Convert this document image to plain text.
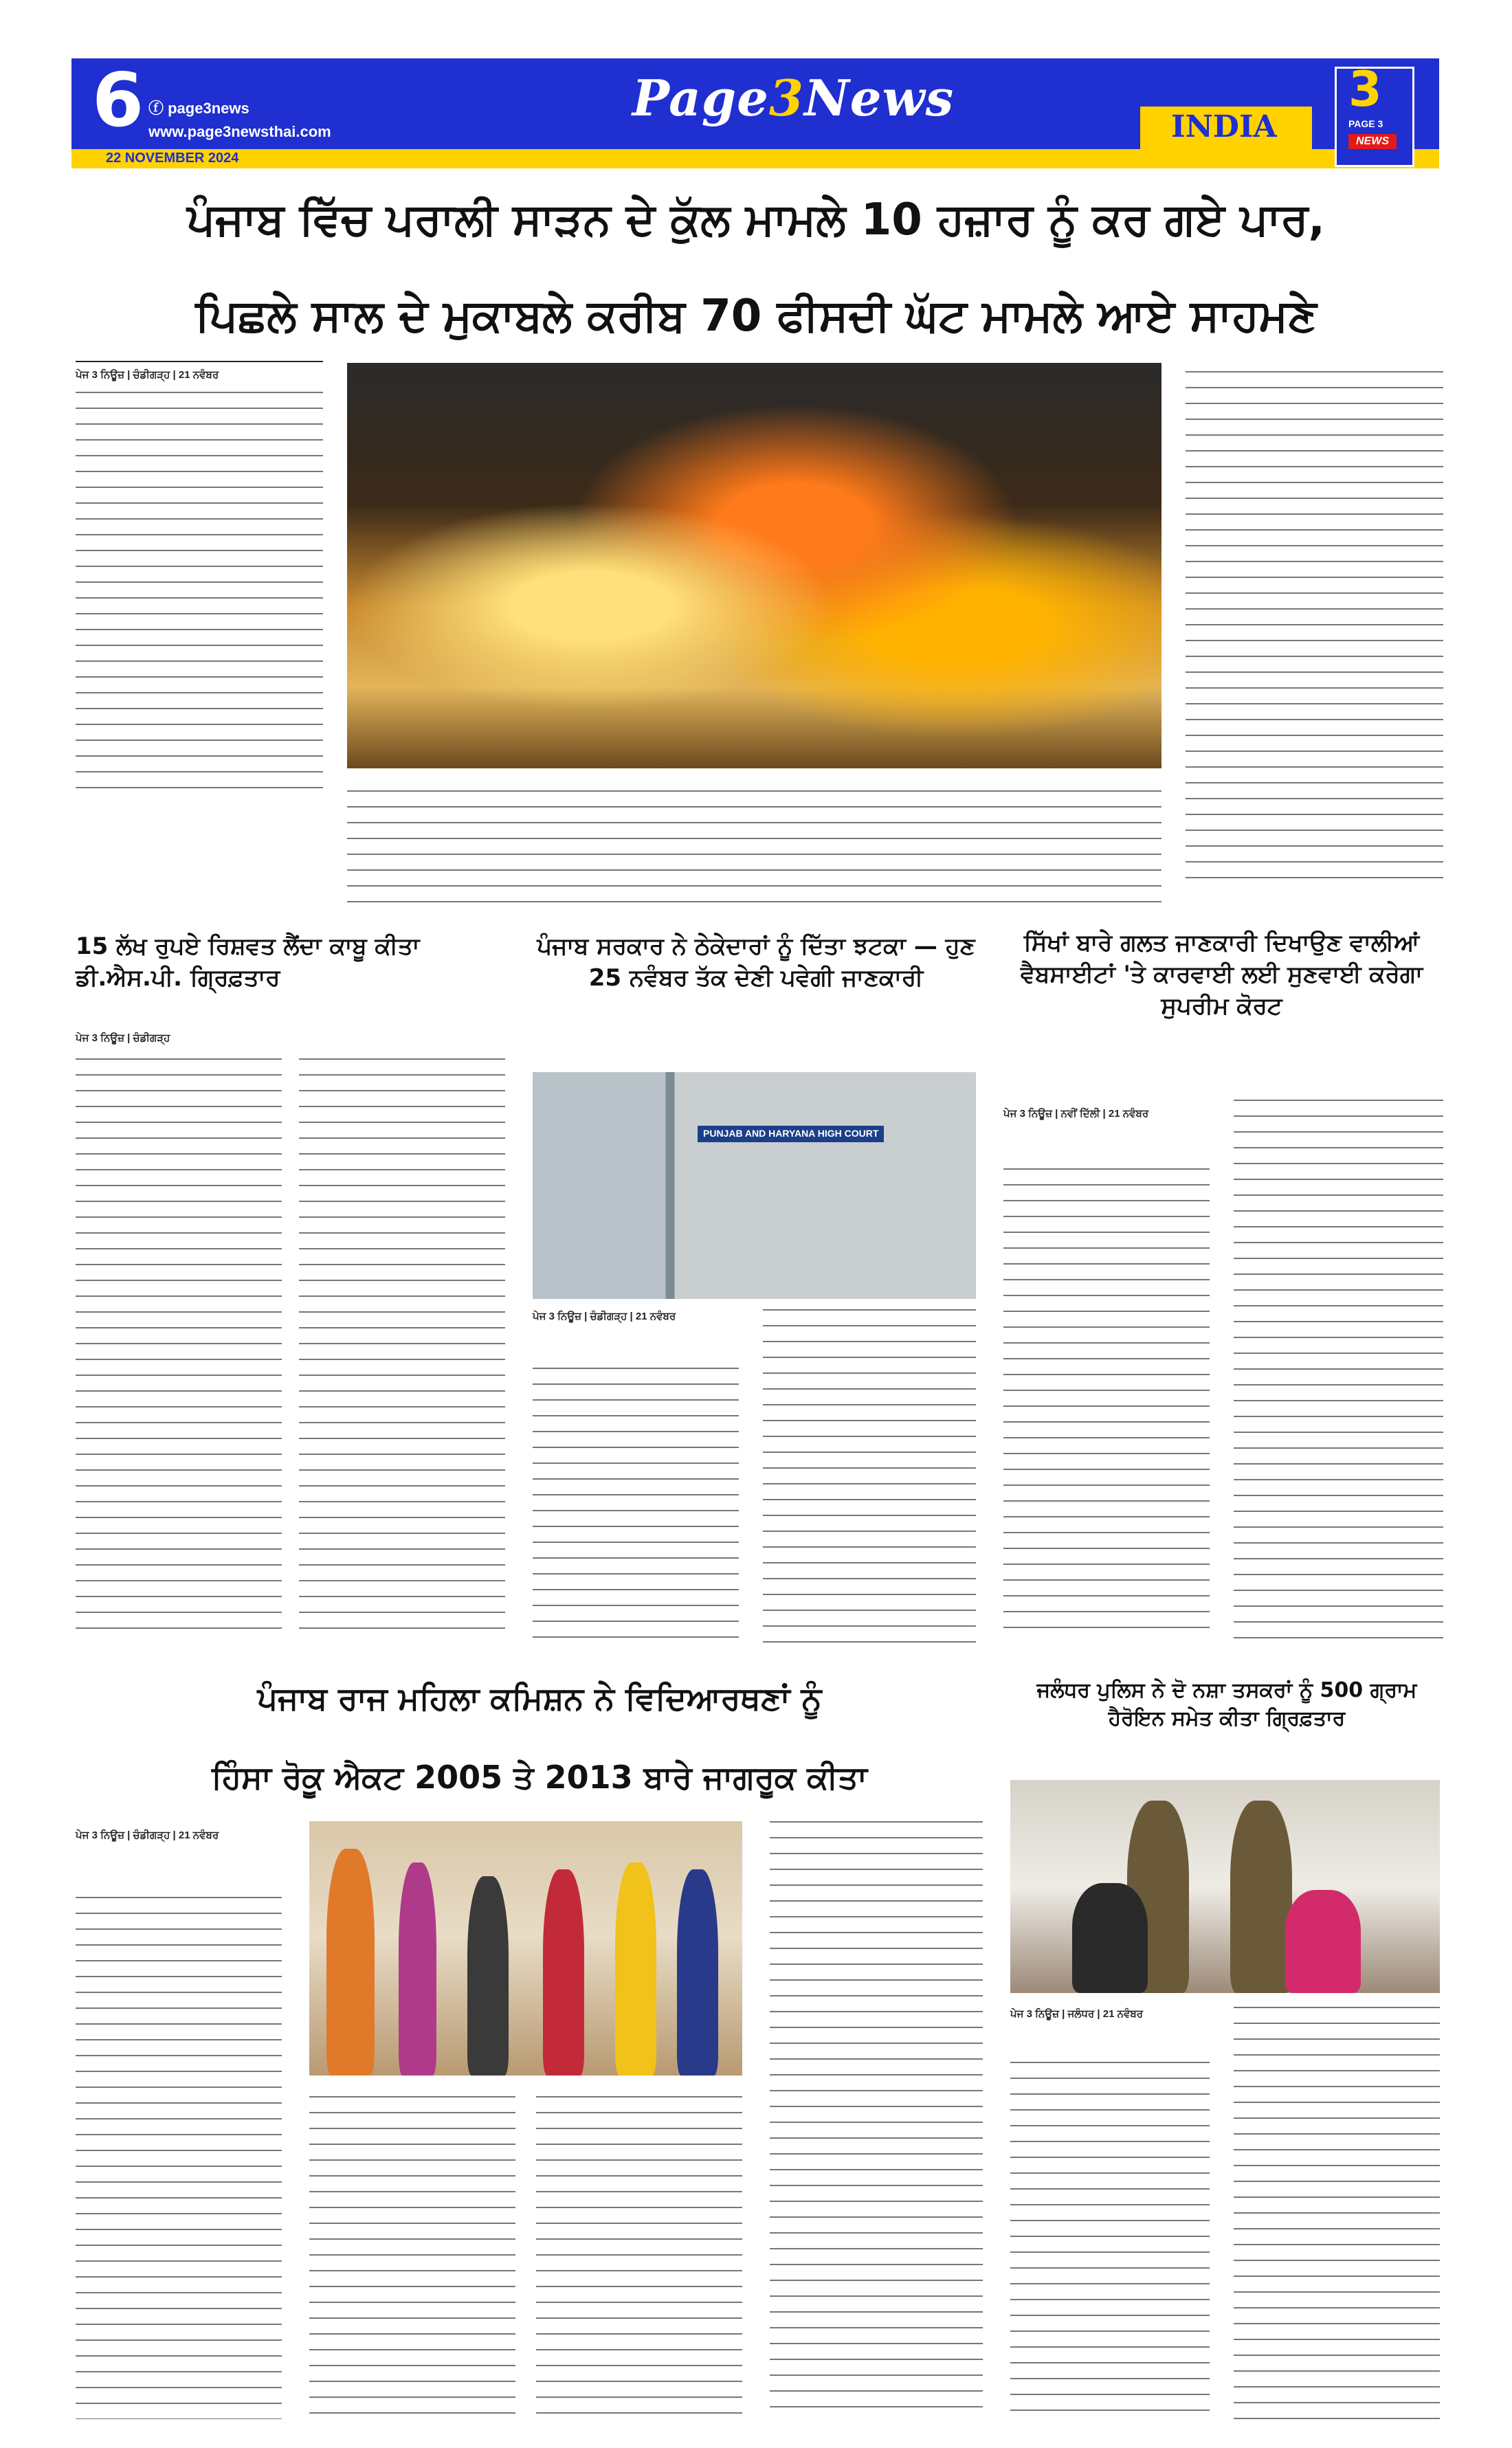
6 ⓕ page3news
www.page3newsthai.com
Page3News
22 NOVEMBER 2024
INDIA
3
PAGE 3
NEWS
ਪੰਜਾਬ ਵਿੱਚ ਪਰਾਲੀ ਸਾੜਨ ਦੇ ਕੁੱਲ ਮਾਮਲੇ 10 ਹਜ਼ਾਰ ਨੂੰ ਕਰ ਗਏ ਪਾਰ,
ਪਿਛਲੇ ਸਾਲ ਦੇ ਮੁਕਾਬਲੇ ਕਰੀਬ 70 ਫੀਸਦੀ ਘੱਟ ਮਾਮਲੇ ਆਏ ਸਾਹਮਣੇ
ਪੇਜ 3 ਨਿਊਜ਼ | ਚੰਡੀਗੜ੍ਹ | 21 ਨਵੰਬਰ
15 ਲੱਖ ਰੁਪਏ ਰਿਸ਼ਵਤ ਲੈਂਦਾ ਕਾਬੂ ਕੀਤਾ ਡੀ.ਐਸ.ਪੀ. ਗ੍ਰਿਫ਼ਤਾਰ
ਪੇਜ 3 ਨਿਊਜ਼ | ਚੰਡੀਗੜ੍ਹ
ਪੰਜਾਬ ਸਰਕਾਰ ਨੇ ਠੇਕੇਦਾਰਾਂ ਨੂੰ ਦਿੱਤਾ ਝਟਕਾ — ਹੁਣ 25 ਨਵੰਬਰ ਤੱਕ ਦੇਣੀ ਪਵੇਗੀ ਜਾਣਕਾਰੀ
PUNJAB AND HARYANA HIGH COURT
ਪੇਜ 3 ਨਿਊਜ਼ | ਚੰਡੀਗੜ੍ਹ | 21 ਨਵੰਬਰ
ਸਿੱਖਾਂ ਬਾਰੇ ਗਲਤ ਜਾਣਕਾਰੀ ਦਿਖਾਉਣ ਵਾਲੀਆਂ ਵੈਬਸਾਈਟਾਂ 'ਤੇ ਕਾਰਵਾਈ ਲਈ ਸੁਣਵਾਈ ਕਰੇਗਾ ਸੁਪਰੀਮ ਕੋਰਟ
ਪੇਜ 3 ਨਿਊਜ਼ | ਨਵੀਂ ਦਿੱਲੀ | 21 ਨਵੰਬਰ
ਪੰਜਾਬ ਰਾਜ ਮਹਿਲਾ ਕਮਿਸ਼ਨ ਨੇ ਵਿਦਿਆਰਥਣਾਂ ਨੂੰ
ਹਿੰਸਾ ਰੋਕੂ ਐਕਟ 2005 ਤੇ 2013 ਬਾਰੇ ਜਾਗਰੂਕ ਕੀਤਾ
ਪੇਜ 3 ਨਿਊਜ਼ | ਚੰਡੀਗੜ੍ਹ | 21 ਨਵੰਬਰ
ਜਲੰਧਰ ਪੁਲਿਸ ਨੇ ਦੋ ਨਸ਼ਾ ਤਸਕਰਾਂ ਨੂੰ 500 ਗ੍ਰਾਮ ਹੈਰੋਇਨ ਸਮੇਤ ਕੀਤਾ ਗ੍ਰਿਫ਼ਤਾਰ
ਪੇਜ 3 ਨਿਊਜ਼ | ਜਲੰਧਰ | 21 ਨਵੰਬਰ
